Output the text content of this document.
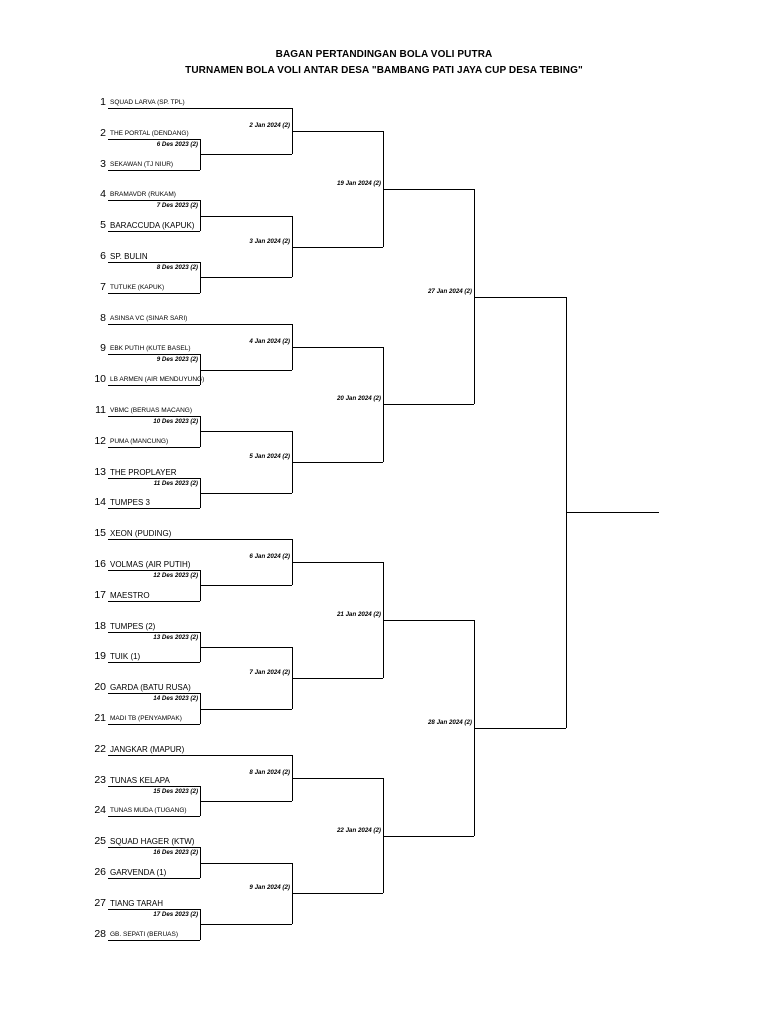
BAGAN PERTANDINGAN BOLA VOLI PUTRA
TURNAMEN BOLA VOLI ANTAR DESA "BAMBANG PATI JAYA CUP DESA TEBING"
1 SQUAD LARVA (SP. TPL)
2 THE PORTAL (DENDANG)
3 SEKAWAN (TJ NIUR)
4 BRAMAVDR (RUKAM)
5 BARACCUDA (KAPUK)
6 SP. BULIN
7 TUTUKE (KAPUK)
8 ASINSA VC (SINAR SARI)
9 EBK PUTIH (KUTE BASEL)
10 LB ARMEN (AIR MENDUYUNG)
11 VBMC (BERUAS MACANG)
12 PUMA (MANCUNG)
13 THE PROPLAYER
14 TUMPES 3
15 XEON (PUDING)
16 VOLMAS (AIR PUTIH)
17 MAESTRO
18 TUMPES (2)
19 TUIK (1)
20 GARDA (BATU RUSA)
21 MADI TB (PENYAMPAK)
22 JANGKAR (MAPUR)
23 TUNAS KELAPA
24 TUNAS MUDA (TUGANG)
25 SQUAD HAGER (KTW)
26 GARVENDA (1)
27 TIANG TARAH
28 GB. SEPATI (BERUAS)
6 Des 2023 (2)
7 Des 2023 (2)
8 Des 2023 (2)
9 Des 2023 (2)
10 Des 2023 (2)
11 Des 2023 (2)
12 Des 2023 (2)
13 Des 2023 (2)
14 Des 2023 (2)
15 Des 2023 (2)
16 Des 2023 (2)
17 Des 2023 (2)
2 Jan 2024 (2)
3 Jan 2024 (2)
4 Jan 2024 (2)
5 Jan 2024 (2)
6 Jan 2024 (2)
7 Jan 2024 (2)
8 Jan 2024 (2)
9 Jan 2024 (2)
19 Jan 2024 (2)
20 Jan 2024 (2)
21 Jan 2024 (2)
22 Jan 2024 (2)
27 Jan 2024 (2)
28 Jan 2024 (2)
